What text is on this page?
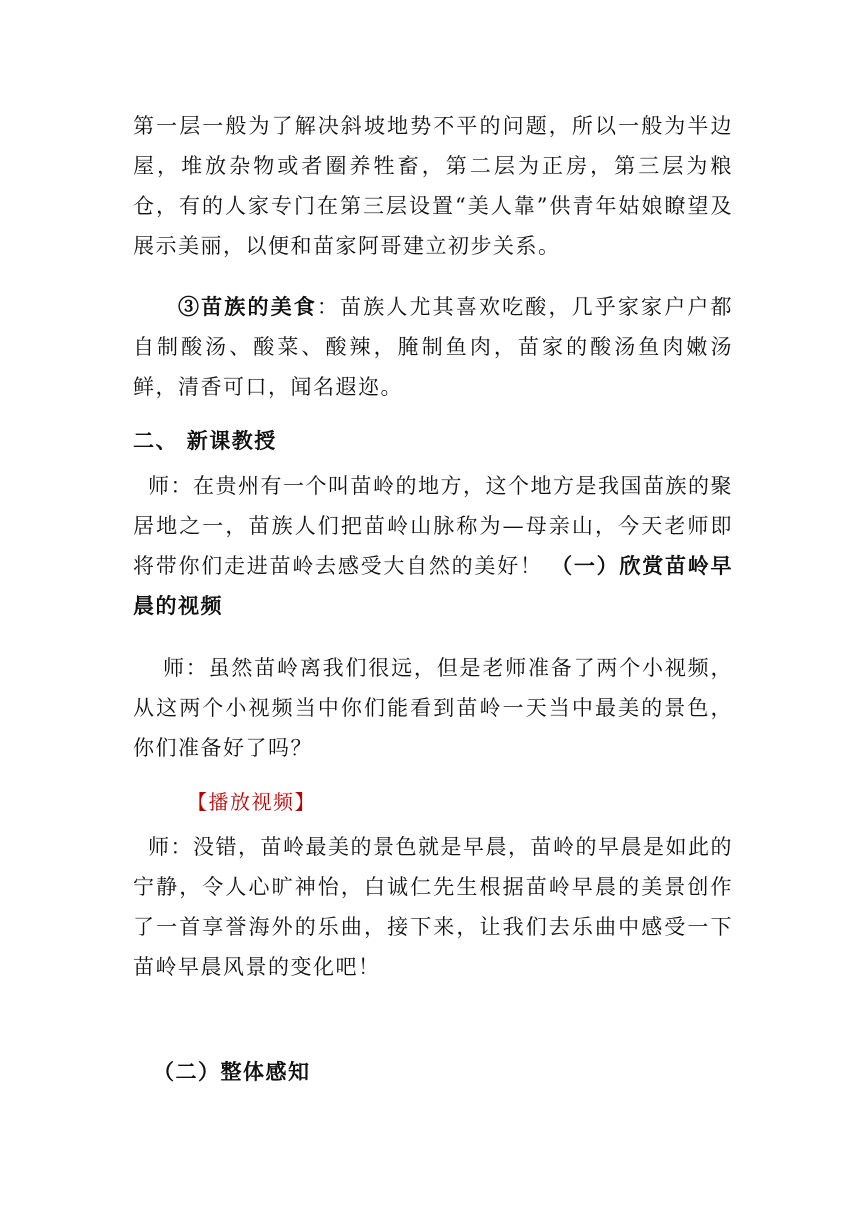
第一层一般为了解决斜坡地势不平的问题，所以一般为半边屋，堆放杂物或者圈养牲畜，第二层为正房，第三层为粮仓，有的人家专门在第三层设置“美人靠”供青年姑娘瞭望及展示美丽，以便和苗家阿哥建立初步关系。

③苗族的美食：苗族人尤其喜欢吃酸，几乎家家户户都自制酸汤、酸菜、酸辣，腌制鱼肉，苗家的酸汤鱼肉嫩汤鲜，清香可口，闻名遐迩。

二、 新课教授

师：在贵州有一个叫苗岭的地方，这个地方是我国苗族的聚居地之一，苗族人们把苗岭山脉称为—母亲山，今天老师即将带你们走进苗岭去感受大自然的美好！ （一）欣赏苗岭早晨的视频

师：虽然苗岭离我们很远，但是老师准备了两个小视频，从这两个小视频当中你们能看到苗岭一天当中最美的景色，你们准备好了吗？

【播放视频】

师：没错，苗岭最美的景色就是早晨，苗岭的早晨是如此的宁静，令人心旷神怡，白诚仁先生根据苗岭早晨的美景创作了一首享誉海外的乐曲，接下来，让我们去乐曲中感受一下苗岭早晨风景的变化吧！

（二）整体感知
